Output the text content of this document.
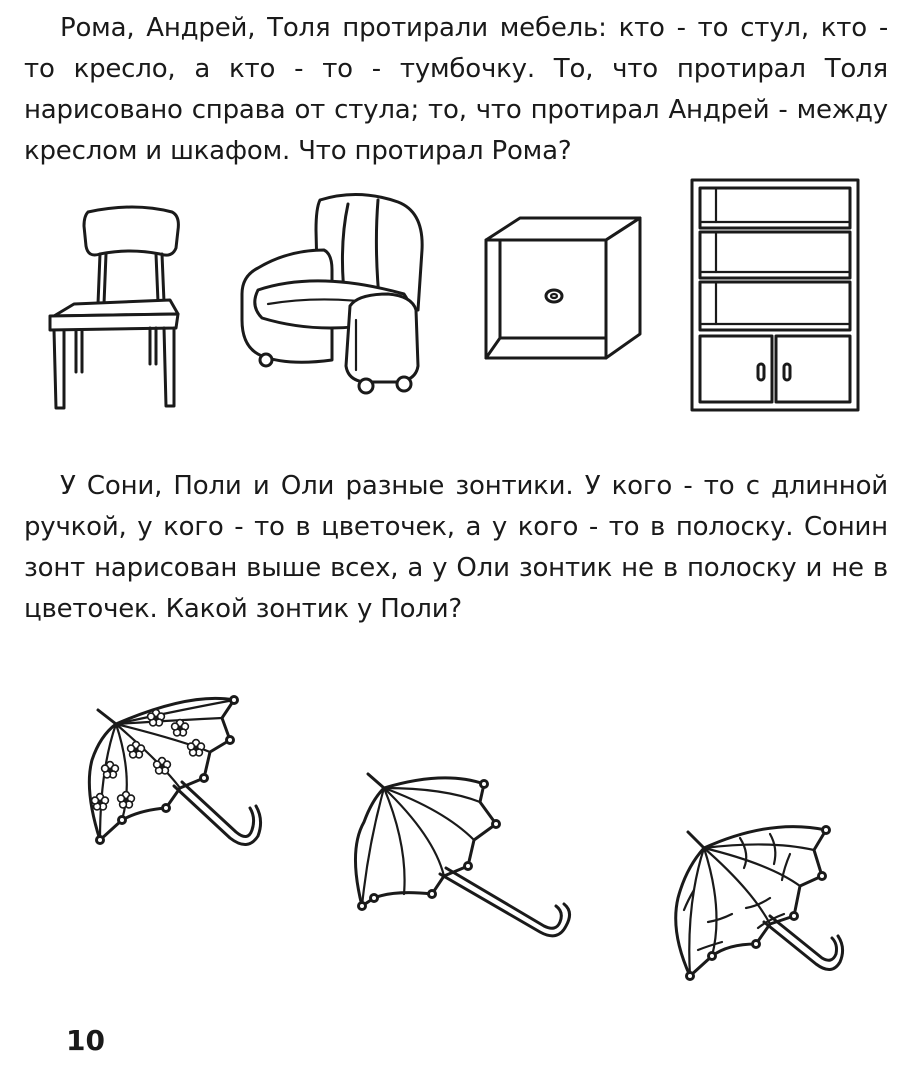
Рома, Андрей, Толя протирали мебель: кто - то стул, кто - то кресло, а кто - то - тумбочку. То, что протирал Толя нарисовано справа от стула; то, что протирал Андрей - между креслом и шкафом. Что протирал Рома?

У Сони, Поли и Оли разные зонтики. У кого - то с длинной ручкой, у кого - то в цветочек, а у кого - то в полоску. Сонин зонт нарисован выше всех, а у Оли зонтик не в полоску и не в цветочек. Какой зонтик у Поли?

10
